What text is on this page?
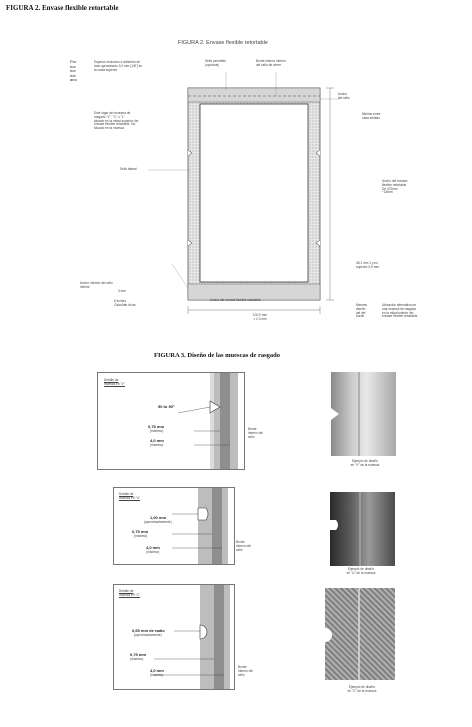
FIGURA 2. Envase flexible retortable
FIGURA 2. Envase flexible retortable
Por
nor
nor
nor
ano
Espesor exclusivo e adherido de
todo aproximado 3,0 mm (1/8") en
la costa superior
Sello permitido
(opcional)
Borde interno inferior
del sello de cierre
Ancho
del sello
Minimo entre
cada sellado
Este lugar del muestra de
rasgado "V", "C" o "L"
situado en la mitad superior del
envase flexible retortable. No
situado en la muesca
Sello lateral
Ancho del envase
flexible retortable
De 472mm
~18mm
38,1 mm 1 y no
superior 0,5 mm
Ancho minimo del sello
inferior
3 mm
6 Inches
Calculate la las
Ancho del envase flexible retortable
100,0 mm
< 1,0 mm
Maximo
diseño
del del
borde
Ubicación alternativa de
una muesca de rasgado
en la mitad inferior del
envase flexible retortable
FIGURA 3. Diseño de las muescas de rasgado
Detalle de
muesca en "V"
50 to 90°
0,75 mm
(máximo)
4,0 mm
(máximo)
Borde
interno del
sello
Detalle de
muesca en "U"
1,00 mm
(aproximadamente)
0,75 mm
(máximo)
4,0 mm
(máximo)
Borde
interno del
sello
Detalle de
muesca en "C"
0,65 mm de radio
(aproximadamente)
0,75 mm
(máximo)
4,0 mm
(máximo)
Borde
interno del
sello
Ejemplo de diseño
en "V" de la muesca
Ejemplo de diseño
en "U" de la muesca
Ejemplo de diseño
en "C" de la muesca
